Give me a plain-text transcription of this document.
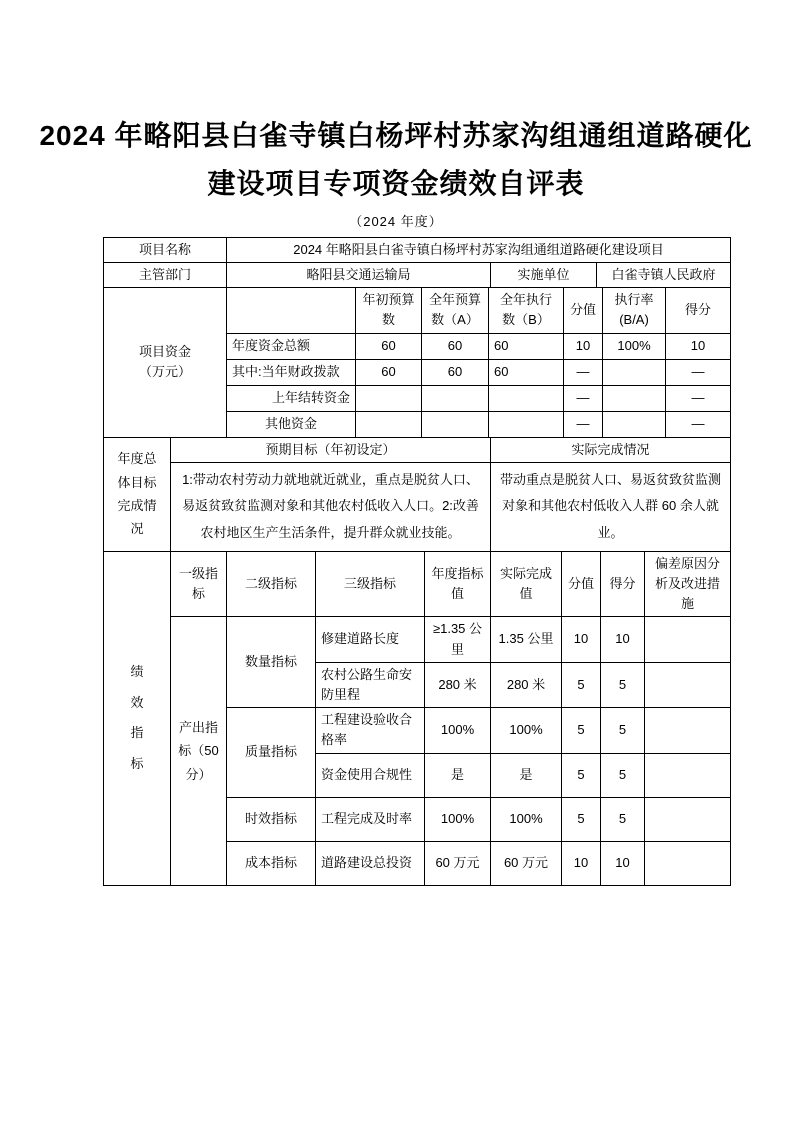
2024 年略阳县白雀寺镇白杨坪村苏家沟组通组道路硬化
建设项目专项资金绩效自评表
（2024 年度）
项目名称	2024 年略阳县白雀寺镇白杨坪村苏家沟组通组道路硬化建设项目		
主管部门	略阳县交通运输局	实施单位	白雀寺镇人民政府
项目资金
（万元）		年初预算数	全年预算数（A）	全年执行数（B）	分值	执行率(B/A)	得分
	年度资金总额	60	60	60	10	100%	10
	其中:当年财政拨款	60	60	60	—		—
	上年结转资金				—		—
	其他资金				—		—
年度总体目标完成情况	预期目标（年初设定）	实际完成情况
	1:带动农村劳动力就地就近就业，重点是脱贫人口、易返贫致贫监测对象和其他农村低收入人口。2:改善农村地区生产生活条件，提升群众就业技能。	带动重点是脱贫人口、易返贫致贫监测对象和其他农村低收入人群 60 余人就业。
绩效指标	一级指标	二级指标	三级指标	年度指标值	实际完成值	分值	得分	偏差原因分析及改进措施
	产出指标（50分）	数量指标	修建道路长度	≥1.35 公里	1.35 公里	10	10	
			农村公路生命安防里程	280 米	280 米	5	5	
		质量指标	工程建设验收合格率	100%	100%	5	5	
			资金使用合规性	是	是	5	5	
		时效指标	工程完成及时率	100%	100%	5	5	
		成本指标	道路建设总投资	60 万元	60 万元	10	10	
